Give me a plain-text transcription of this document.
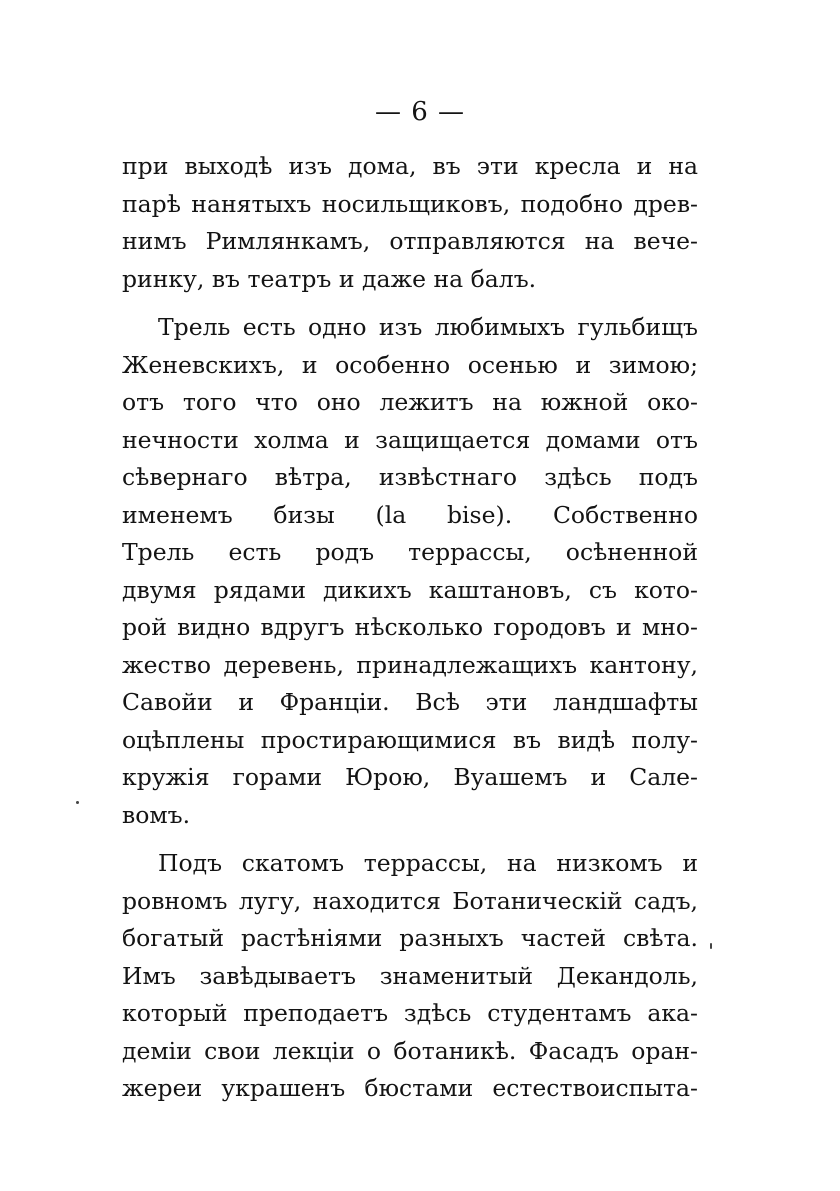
— 6 —
при выходѣ изъ дома, въ эти кресла и на
парѣ нанятыхъ носильщиковъ, подобно древ-
нимъ Римлянкамъ, отправляются на вече-
ринку, въ театръ и даже на балъ.
Трель есть одно изъ любимыхъ гульбищъ
Женевскихъ, и особенно осенью и зимою;
отъ того что оно лежитъ на южной око-
нечности холма и защищается домами отъ
сѣвернаго вѣтра, извѣстнаго здѣсь подъ
именемъ бизы (la bise). Собственно
Трель есть родъ террассы, осѣненной
двумя рядами дикихъ каштановъ, съ кото-
рой видно вдругъ нѣсколько городовъ и мно-
жество деревень, принадлежащихъ кантону,
Савойи и Франціи. Всѣ эти ландшафты
оцѣплены простирающимися въ видѣ полу-
кружія горами Юрою, Вуашемъ и Сале-
вомъ.
Подъ скатомъ террассы, на низкомъ и
ровномъ лугу, находится Ботаническій садъ,
богатый растѣніями разныхъ частей свѣта.
Имъ завѣдываетъ знаменитый Декандоль,
который преподаетъ здѣсь студентамъ ака-
деміи свои лекціи о ботаникѣ. Фасадъ оран-
жереи украшенъ бюстами естествоиспыта-
